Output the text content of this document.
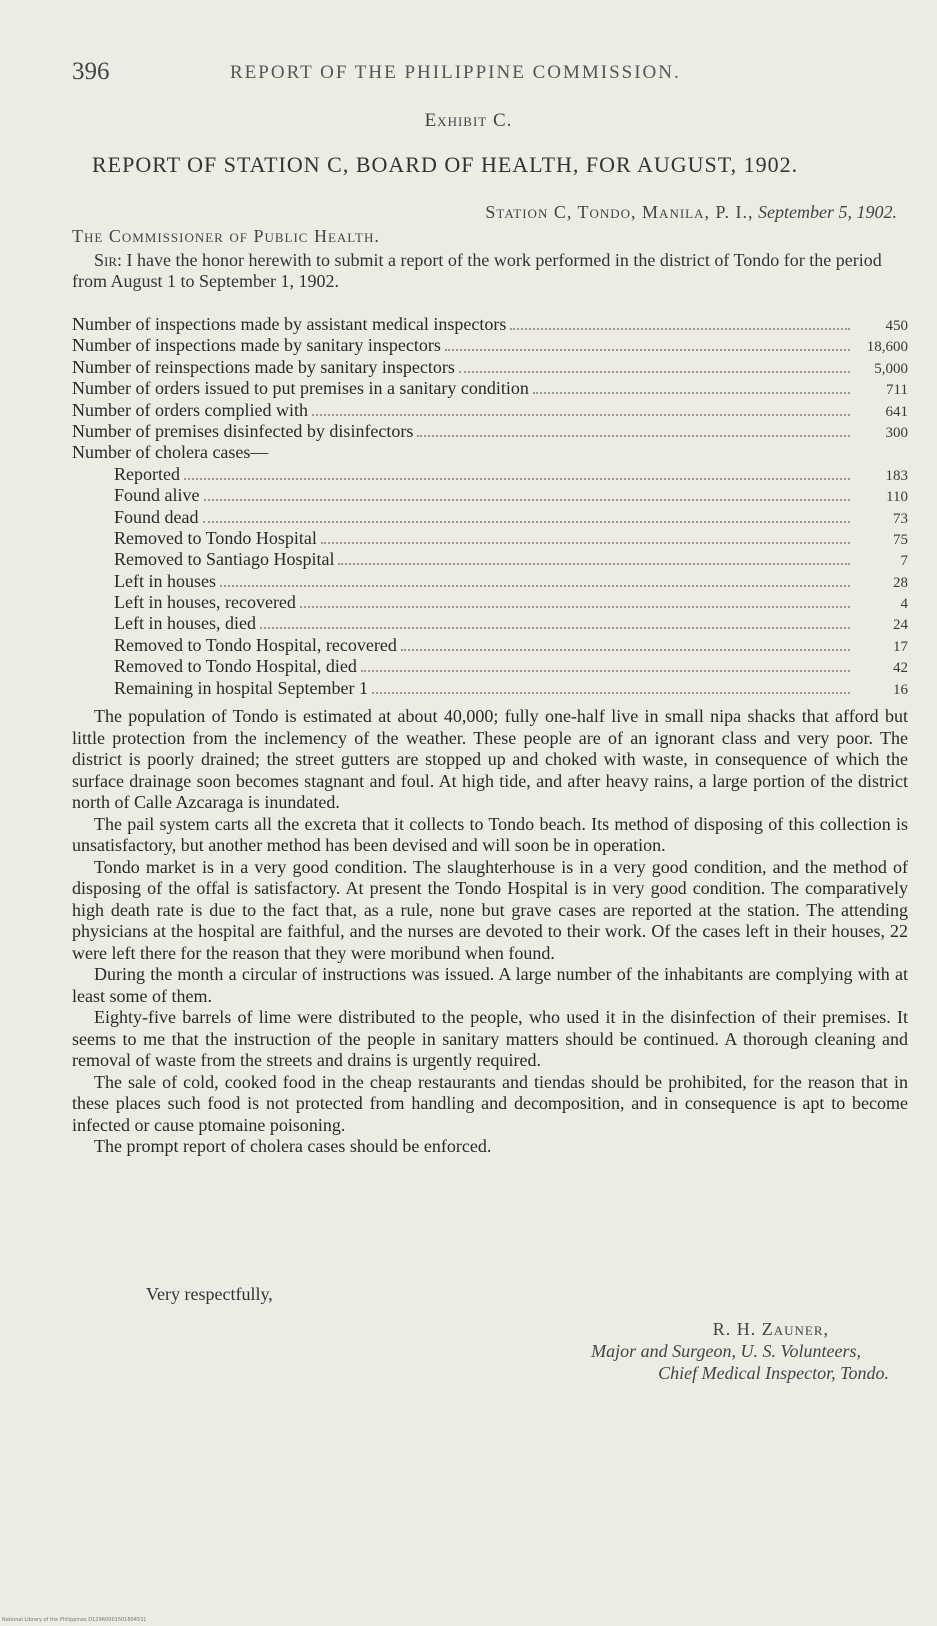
396	REPORT OF THE PHILIPPINE COMMISSION.
Exhibit C.
REPORT OF STATION C, BOARD OF HEALTH, FOR AUGUST, 1902.
Station C, Tondo, Manila, P. I., September 5, 1902.
The Commissioner of Public Health.
Sir: I have the honor herewith to submit a report of the work performed in the district of Tondo for the period from August 1 to September 1, 1902.
Number of inspections made by assistant medical inspectors	450
Number of inspections made by sanitary inspectors	18,600
Number of reinspections made by sanitary inspectors	5,000
Number of orders issued to put premises in a sanitary condition	711
Number of orders complied with	641
Number of premises disinfected by disinfectors	300
Number of cholera cases—
Reported	183
Found alive	110
Found dead	73
Removed to Tondo Hospital	75
Removed to Santiago Hospital	7
Left in houses	28
Left in houses, recovered	4
Left in houses, died	24
Removed to Tondo Hospital, recovered	17
Removed to Tondo Hospital, died	42
Remaining in hospital September 1	16

The population of Tondo is estimated at about 40,000; fully one-half live in small nipa shacks that afford but little protection from the inclemency of the weather. These people are of an ignorant class and very poor. The district is poorly drained; the street gutters are stopped up and choked with waste, in consequence of which the surface drainage soon becomes stagnant and foul. At high tide, and after heavy rains, a large portion of the district north of Calle Azcaraga is inundated.

The pail system carts all the excreta that it collects to Tondo beach. Its method of disposing of this collection is unsatisfactory, but another method has been devised and will soon be in operation.

Tondo market is in a very good condition. The slaughterhouse is in a very good condition, and the method of disposing of the offal is satisfactory. At present the Tondo Hospital is in very good condition. The comparatively high death rate is due to the fact that, as a rule, none but grave cases are reported at the station. The attending physicians at the hospital are faithful, and the nurses are devoted to their work. Of the cases left in their houses, 22 were left there for the reason that they were moribund when found.

During the month a circular of instructions was issued. A large number of the inhabitants are complying with at least some of them.

Eighty-five barrels of lime were distributed to the people, who used it in the disinfection of their premises. It seems to me that the instruction of the people in sanitary matters should be continued. A thorough cleaning and removal of waste from the streets and drains is urgently required.

The sale of cold, cooked food in the cheap restaurants and tiendas should be prohibited, for the reason that in these places such food is not protected from handling and decomposition, and in consequence is apt to become infected or cause ptomaine poisoning.

The prompt report of cholera cases should be enforced.

Very respectfully,
R. H. Zauner,
Major and Surgeon, U. S. Volunteers,
Chief Medical Inspector, Tondo.
National Library of the Philippines D129R0001501804531
